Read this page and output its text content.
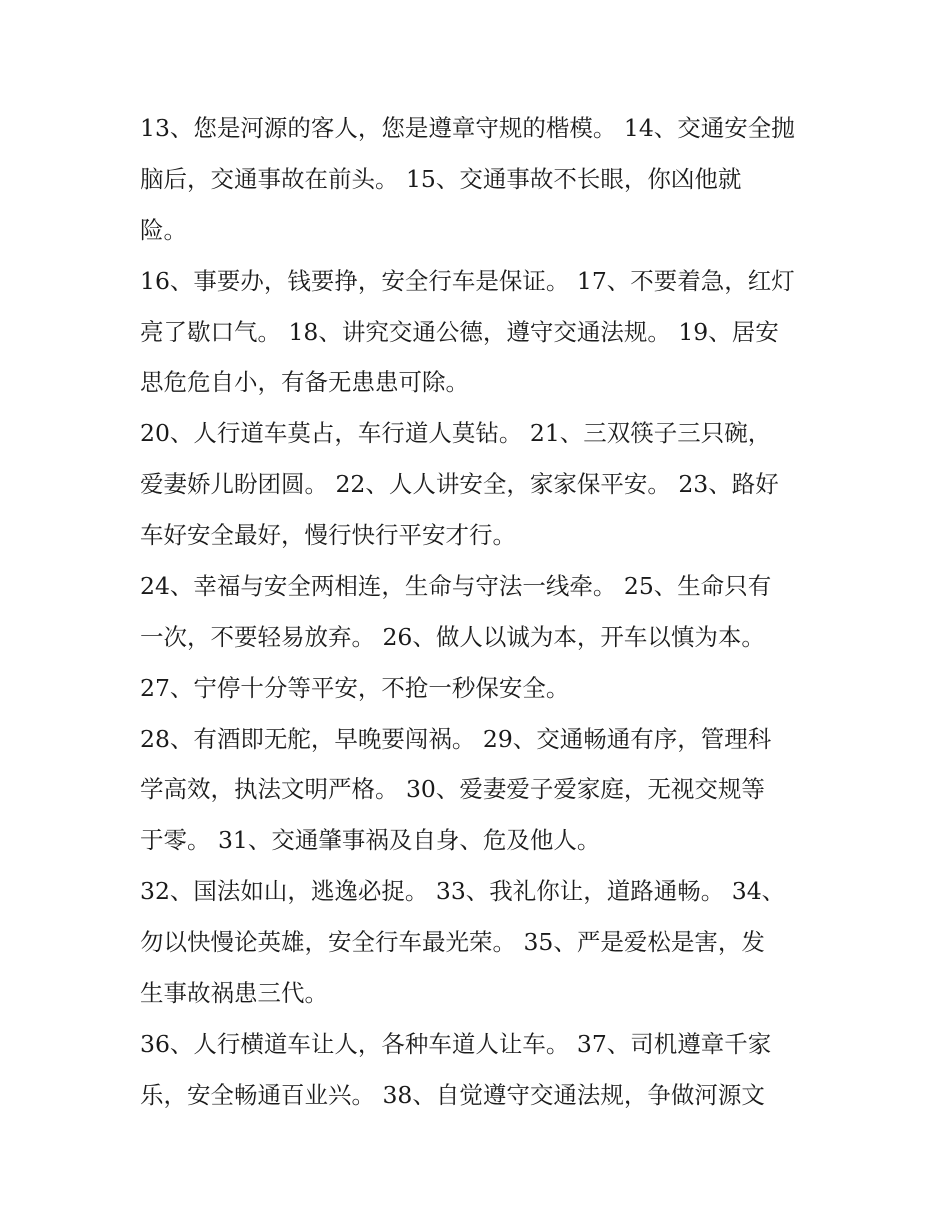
13、您是河源的客人，您是遵章守规的楷模。 14、交通安全抛
脑后，交通事故在前头。 15、交通事故不长眼，你凶他就
险。
16、事要办，钱要挣，安全行车是保证。 17、不要着急，红灯
亮了歇口气。 18、讲究交通公德，遵守交通法规。 19、居安
思危危自小，有备无患患可除。
20、人行道车莫占，车行道人莫钻。 21、三双筷子三只碗，
爱妻娇儿盼团圆。 22、人人讲安全，家家保平安。 23、路好
车好安全最好，慢行快行平安才行。
24、幸福与安全两相连，生命与守法一线牵。 25、生命只有
一次，不要轻易放弃。 26、做人以诚为本，开车以慎为本。
27、宁停十分等平安，不抢一秒保安全。
28、有酒即无舵，早晚要闯祸。 29、交通畅通有序，管理科
学高效，执法文明严格。 30、爱妻爱子爱家庭，无视交规等
于零。 31、交通肇事祸及自身、危及他人。
32、国法如山，逃逸必捉。 33、我礼你让，道路通畅。 34、
勿以快慢论英雄，安全行车最光荣。 35、严是爱松是害，发
生事故祸患三代。
36、人行横道车让人，各种车道人让车。 37、司机遵章千家
乐，安全畅通百业兴。 38、自觉遵守交通法规，争做河源文
